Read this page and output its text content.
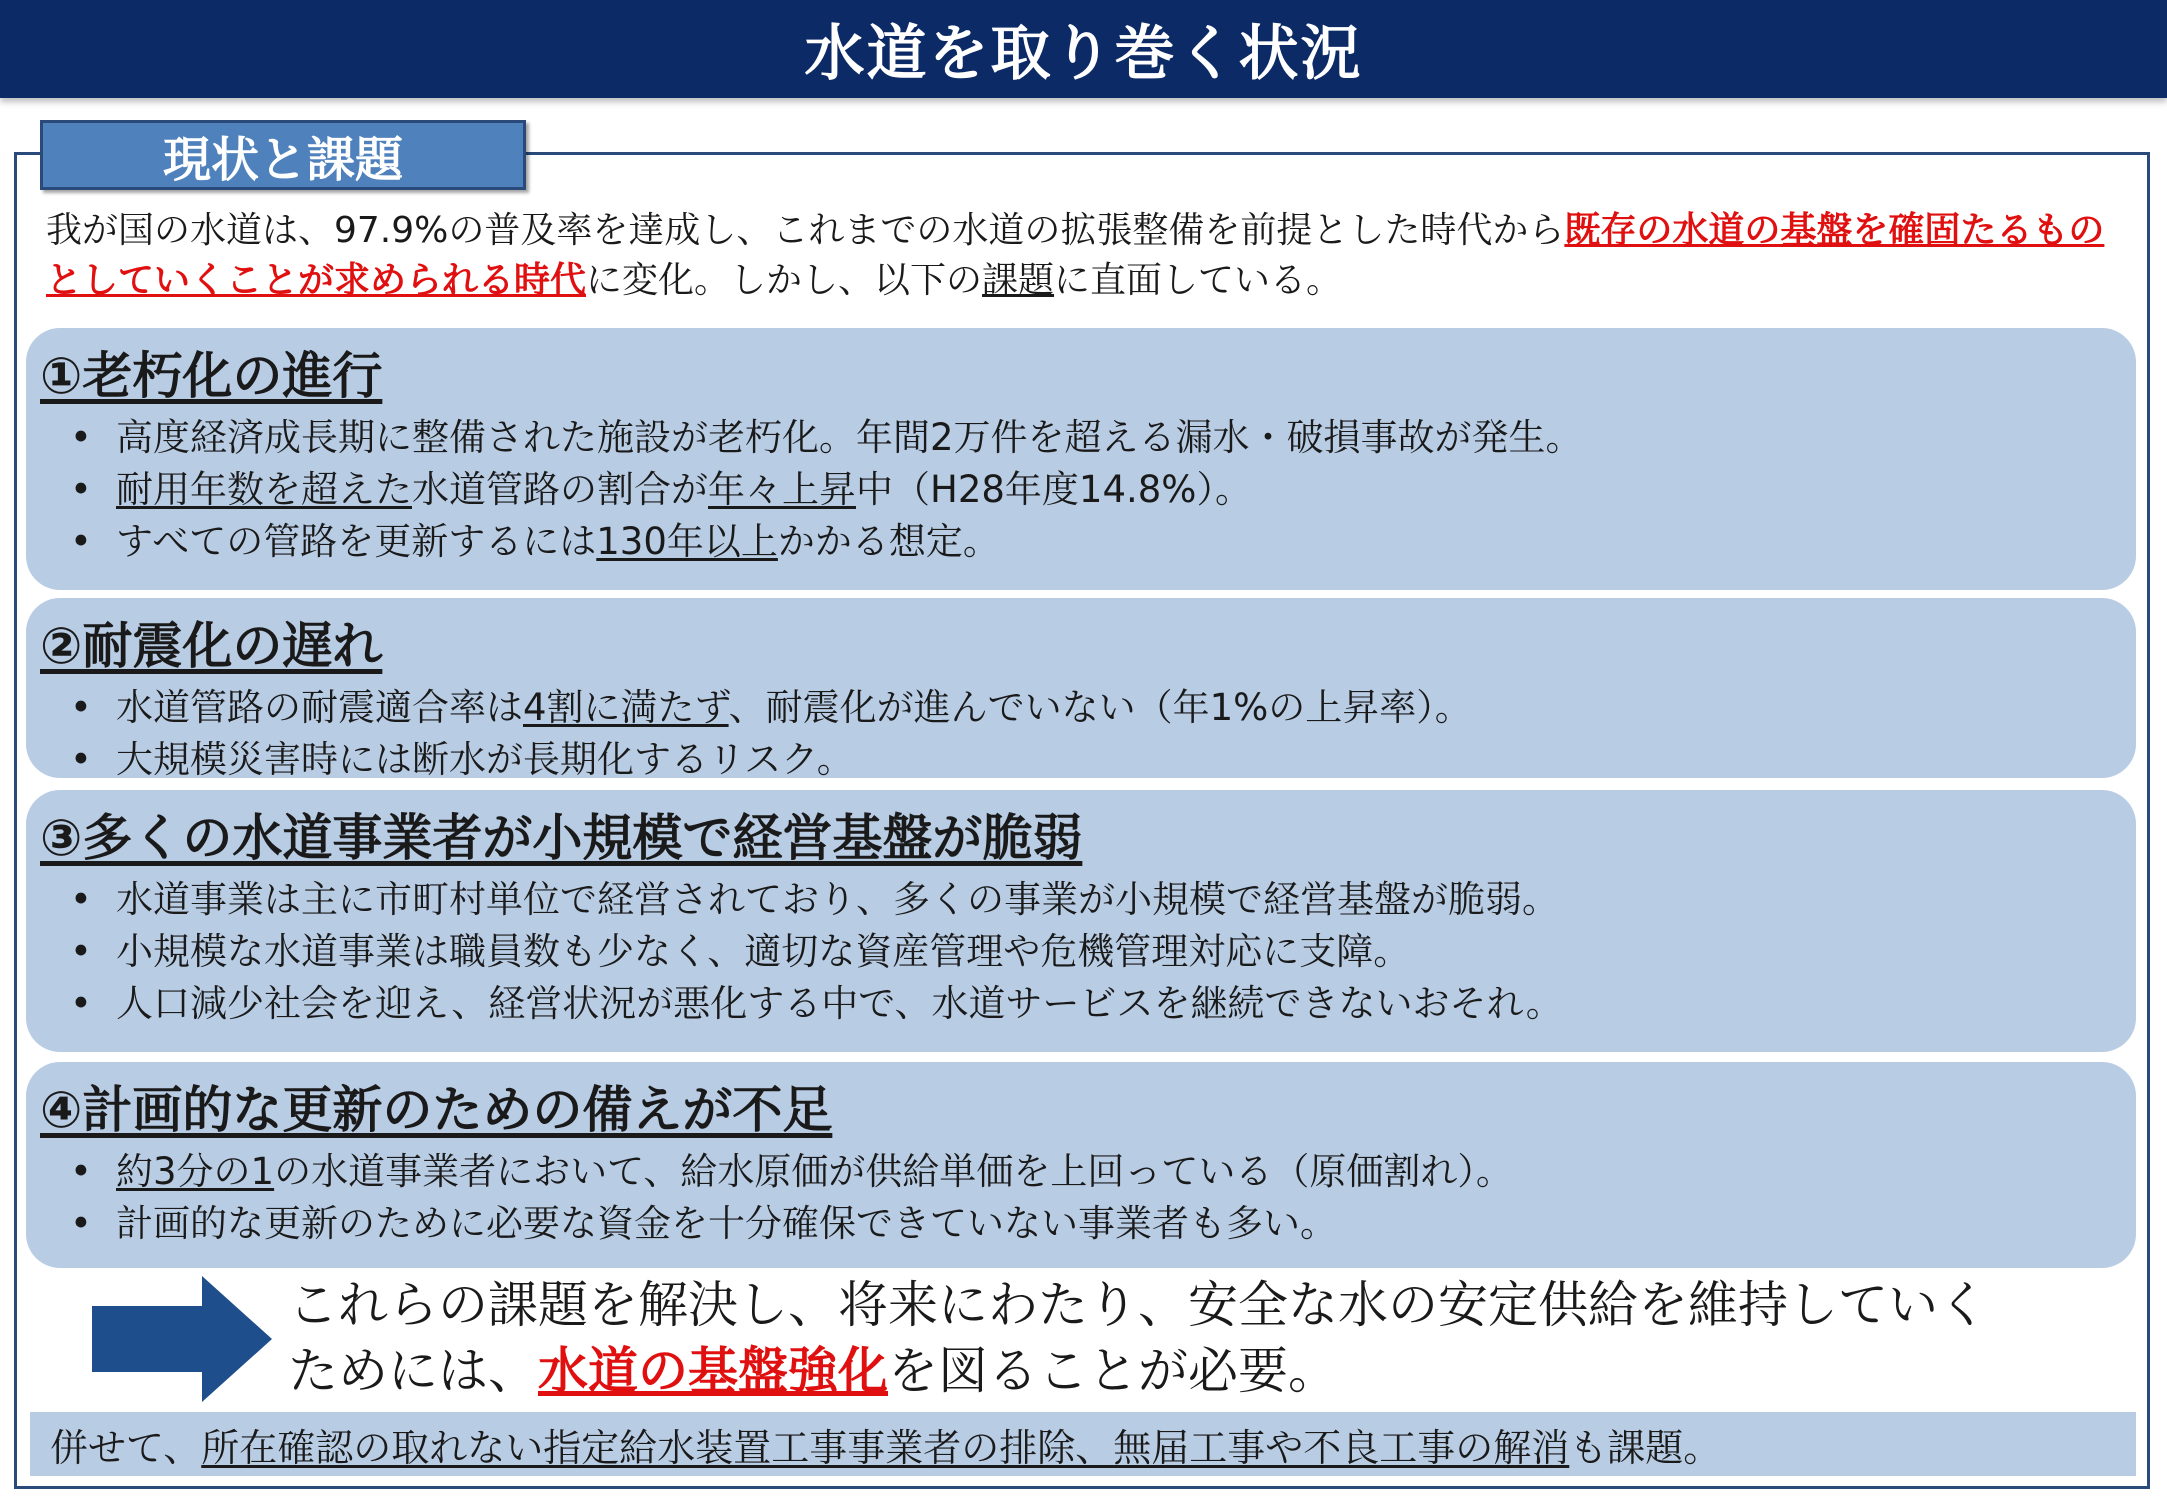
水道を取り巻く状況
現状と課題
我が国の水道は、97.9%の普及率を達成し、これまでの水道の拡張整備を前提とした時代から既存の水道の基盤を確固たるものとしていくことが求められる時代に変化。しかし、以下の課題に直面している。
①老朽化の進行
• 高度経済成長期に整備された施設が老朽化。年間2万件を超える漏水・破損事故が発生。
• 耐用年数を超えた水道管路の割合が年々上昇中（H28年度14.8%）。
• すべての管路を更新するには130年以上かかる想定。
②耐震化の遅れ
• 水道管路の耐震適合率は4割に満たず、耐震化が進んでいない（年1%の上昇率）。
• 大規模災害時には断水が長期化するリスク。
③多くの水道事業者が小規模で経営基盤が脆弱
• 水道事業は主に市町村単位で経営されており、多くの事業が小規模で経営基盤が脆弱。
• 小規模な水道事業は職員数も少なく、適切な資産管理や危機管理対応に支障。
• 人口減少社会を迎え、経営状況が悪化する中で、水道サービスを継続できないおそれ。
④計画的な更新のための備えが不足
• 約3分の1の水道事業者において、給水原価が供給単価を上回っている（原価割れ）。
• 計画的な更新のために必要な資金を十分確保できていない事業者も多い。
これらの課題を解決し、将来にわたり、安全な水の安定供給を維持していく
ためには、水道の基盤強化を図ることが必要。
併せて、 所在確認の取れない指定給水装置工事事業者の排除、無届工事や不良工事の解消 も課題。
